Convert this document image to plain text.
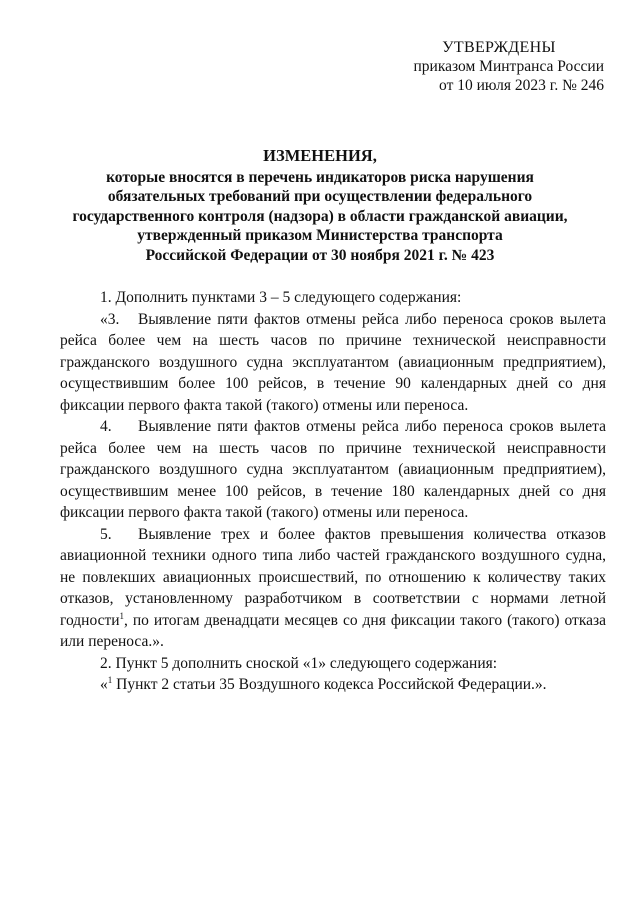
УТВЕРЖДЕНЫ
приказом Минтранса России
от 10 июля 2023 г. № 246
ИЗМЕНЕНИЯ,
которые вносятся в перечень индикаторов риска нарушения
обязательных требований при осуществлении федерального
государственного контроля (надзора) в области гражданской авиации,
утвержденный приказом Министерства транспорта
Российской Федерации от 30 ноября 2021 г. № 423

1. Дополнить пунктами 3 – 5 следующего содержания:

«3. Выявление пяти фактов отмены рейса либо переноса сроков вылета рейса более чем на шесть часов по причине технической неисправности гражданского воздушного судна эксплуатантом (авиационным предприятием), осуществившим более 100 рейсов, в течение 90 календарных дней со дня фиксации первого факта такой (такого) отмены или переноса.

4. Выявление пяти фактов отмены рейса либо переноса сроков вылета рейса более чем на шесть часов по причине технической неисправности гражданского воздушного судна эксплуатантом (авиационным предприятием), осуществившим менее 100 рейсов, в течение 180 календарных дней со дня фиксации первого факта такой (такого) отмены или переноса.

5. Выявление трех и более фактов превышения количества отказов авиационной техники одного типа либо частей гражданского воздушного судна, не повлекших авиационных происшествий, по отношению к количеству таких отказов, установленному разработчиком в соответствии с нормами летной годности$^1$, по итогам двенадцати месяцев со дня фиксации такого (такого) отказа или переноса.».

2. Пункт 5 дополнить сноской «1» следующего содержания:

«$^1$ Пункт 2 статьи 35 Воздушного кодекса Российской Федерации.».
